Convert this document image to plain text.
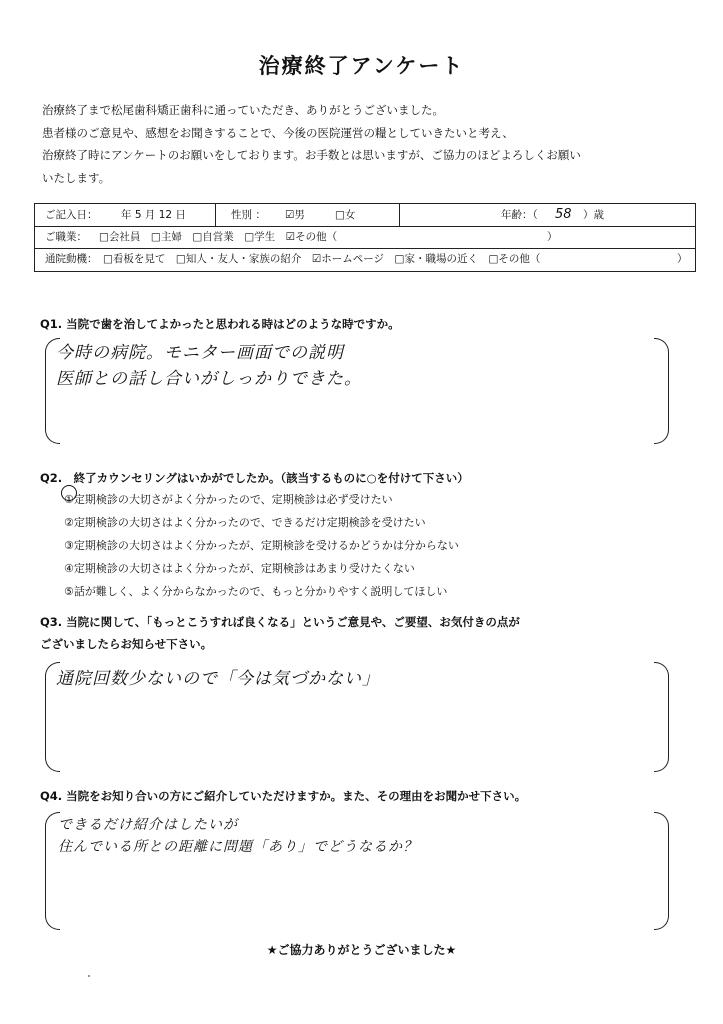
治療終了アンケート
治療終了まで松尾歯科矯正歯科に通っていただき、ありがとうございました。
患者様のご意見や、感想をお聞きすることで、今後の医院運営の糧としていきたいと考え、
治療終了時にアンケートのお願いをしております。お手数とは思いますが、ご協力のほどよろしくお願い
いたします。
ご記入日： 年 5 月 12 日	性別 ： ☑男	□女	年齢：（ 58 ）歳
ご職業： □会社員　□主婦　□自営業　□学生　☑その他（	）
通院動機： □看板を見て　□知人・友人・家族の紹介　☑ホームページ　□家・職場の近く　□その他（	）
Q1. 当院で歯を治してよかったと思われる時はどのような時ですか。
今時の病院。モニター画面での説明
医師との話し合いがしっかりできた。
Q2.　終了カウンセリングはいかがでしたか。（該当するものに○を付けて下さい）
①定期検診の大切さがよく分かったので、定期検診は必ず受けたい
②定期検診の大切さはよく分かったので、できるだけ定期検診を受けたい
③定期検診の大切さはよく分かったが、定期検診を受けるかどうかは分からない
④定期検診の大切さはよく分かったが、定期検診はあまり受けたくない
⑤話が難しく、よく分からなかったので、もっと分かりやすく説明してほしい
Q3. 当院に関して、「もっとこうすれば良くなる」というご意見や、ご要望、お気付きの点が
ございましたらお知らせ下さい。
通院回数少ないので「今は気づかない」
Q4. 当院をお知り合いの方にご紹介していただけますか。また、その理由をお聞かせ下さい。
できるだけ紹介はしたいが
住んでいる所との距離に問題「あり」でどうなるか？
★ご協力ありがとうございました★
